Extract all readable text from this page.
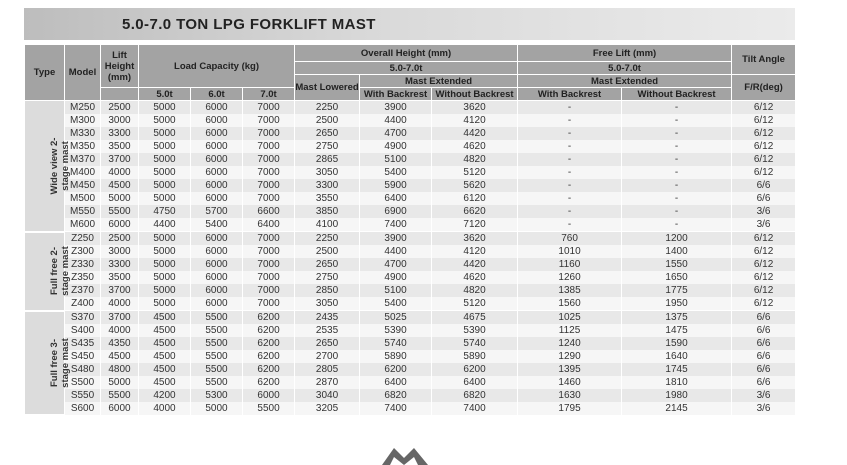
5.0-7.0 TON LPG FORKLIFT MAST
Type	Model	Lift Height (mm)	Load Capacity (kg)			Overall Height (mm)			Free Lift (mm)		Tilt Angle
						5.0-7.0t			5.0-7.0t		
						Mast Lowered	Mast Extended		Mast Extended		F/R(deg)
			5.0t	6.0t	7.0t		With Backrest	Without Backrest	With Backrest	Without Backrest	
Wide view 2-stage mast	M250	2500	5000	6000	7000	2250	3900	3620	-	-	6/12
	M300	3000	5000	6000	7000	2500	4400	4120	-	-	6/12
	M330	3300	5000	6000	7000	2650	4700	4420	-	-	6/12
	M350	3500	5000	6000	7000	2750	4900	4620	-	-	6/12
	M370	3700	5000	6000	7000	2865	5100	4820	-	-	6/12
	M400	4000	5000	6000	7000	3050	5400	5120	-	-	6/12
	M450	4500	5000	6000	7000	3300	5900	5620	-	-	6/6
	M500	5000	5000	6000	7000	3550	6400	6120	-	-	6/6
	M550	5500	4750	5700	6600	3850	6900	6620	-	-	3/6
	M600	6000	4400	5400	6400	4100	7400	7120	-	-	3/6
Full free 2-stage mast	Z250	2500	5000	6000	7000	2250	3900	3620	760	1200	6/12
	Z300	3000	5000	6000	7000	2500	4400	4120	1010	1400	6/12
	Z330	3300	5000	6000	7000	2650	4700	4420	1160	1550	6/12
	Z350	3500	5000	6000	7000	2750	4900	4620	1260	1650	6/12
	Z370	3700	5000	6000	7000	2850	5100	4820	1385	1775	6/12
	Z400	4000	5000	6000	7000	3050	5400	5120	1560	1950	6/12
Full free 3-stage mast	S370	3700	4500	5500	6200	2435	5025	4675	1025	1375	6/6
	S400	4000	4500	5500	6200	2535	5390	5390	1125	1475	6/6
	S435	4350	4500	5500	6200	2650	5740	5740	1240	1590	6/6
	S450	4500	4500	5500	6200	2700	5890	5890	1290	1640	6/6
	S480	4800	4500	5500	6200	2805	6200	6200	1395	1745	6/6
	S500	5000	4500	5500	6200	2870	6400	6400	1460	1810	6/6
	S550	5500	4200	5300	6000	3040	6820	6820	1630	1980	3/6
	S600	6000	4000	5000	5500	3205	7400	7400	1795	2145	3/6
